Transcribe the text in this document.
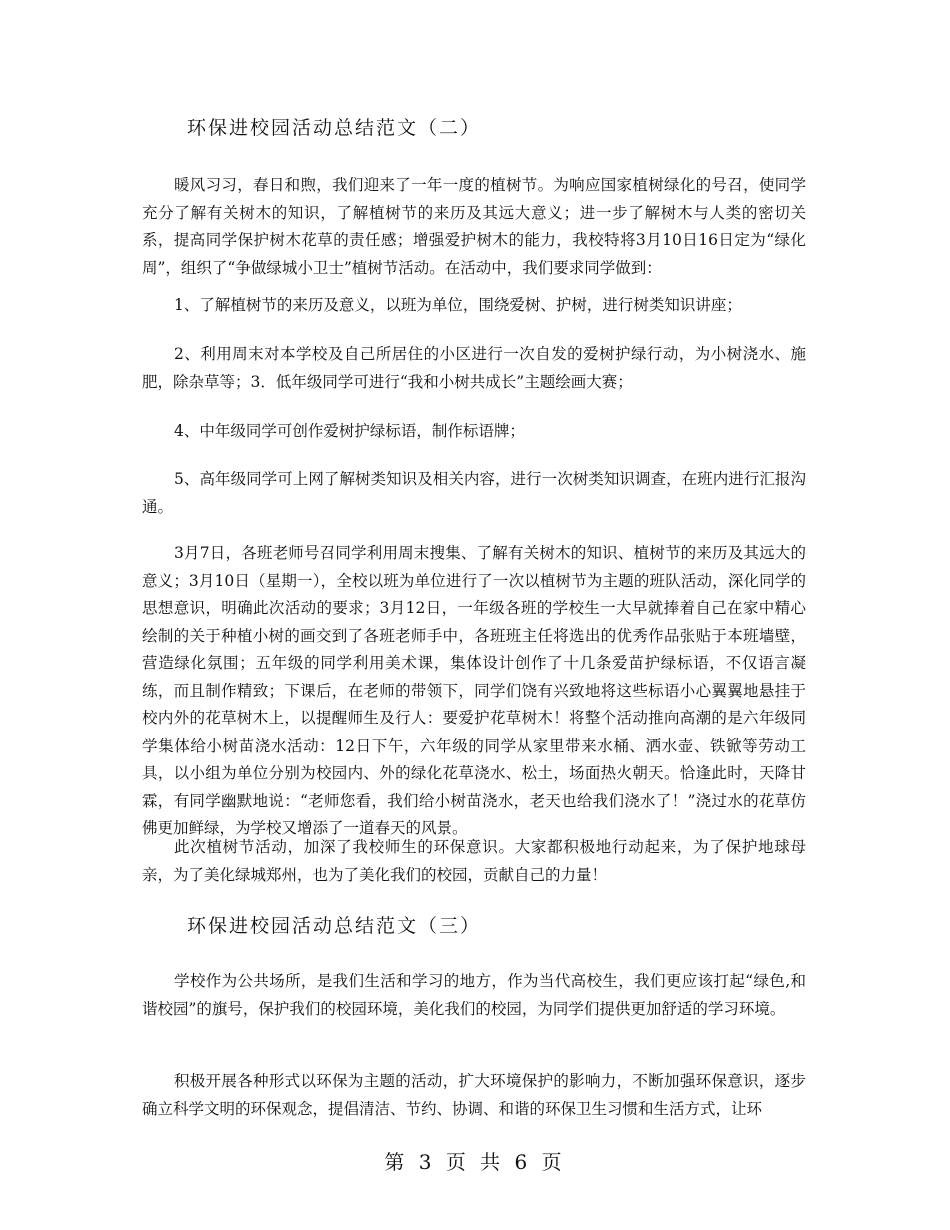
环保进校园活动总结范文（二）

暖风习习，春日和煦，我们迎来了一年一度的植树节。为响应国家植树绿化的号召，使同学充分了解有关树木的知识，了解植树节的来历及其远大意义；进一步了解树木与人类的密切关系，提高同学保护树木花草的责任感；增强爱护树木的能力，我校特将3月10日16日定为“绿化周”，组织了“争做绿城小卫士”植树节活动。在活动中，我们要求同学做到：

1、了解植树节的来历及意义，以班为单位，围绕爱树、护树，进行树类知识讲座；

2、利用周末对本学校及自己所居住的小区进行一次自发的爱树护绿行动，为小树浇水、施肥，除杂草等；3．低年级同学可进行“我和小树共成长”主题绘画大赛；

4、中年级同学可创作爱树护绿标语，制作标语牌；

5、高年级同学可上网了解树类知识及相关内容，进行一次树类知识调查，在班内进行汇报沟通。

3月7日，各班老师号召同学利用周末搜集、了解有关树木的知识、植树节的来历及其远大的意义；3月10日（星期一），全校以班为单位进行了一次以植树节为主题的班队活动，深化同学的思想意识，明确此次活动的要求；3月12日，一年级各班的学校生一大早就捧着自己在家中精心绘制的关于种植小树的画交到了各班老师手中，各班班主任将选出的优秀作品张贴于本班墙壁，营造绿化氛围；五年级的同学利用美术课，集体设计创作了十几条爱苗护绿标语，不仅语言凝练，而且制作精致；下课后，在老师的带领下，同学们饶有兴致地将这些标语小心翼翼地悬挂于校内外的花草树木上，以提醒师生及行人：要爱护花草树木！将整个活动推向高潮的是六年级同学集体给小树苗浇水活动：12日下午，六年级的同学从家里带来水桶、洒水壶、铁锨等劳动工具，以小组为单位分别为校园内、外的绿化花草浇水、松土，场面热火朝天。恰逢此时，天降甘霖，有同学幽默地说：“老师您看，我们给小树苗浇水，老天也给我们浇水了！”浇过水的花草仿佛更加鲜绿，为学校又增添了一道春天的风景。

此次植树节活动，加深了我校师生的环保意识。大家都积极地行动起来，为了保护地球母亲，为了美化绿城郑州，也为了美化我们的校园，贡献自己的力量！

环保进校园活动总结范文（三）

学校作为公共场所，是我们生活和学习的地方，作为当代高校生，我们更应该打起“绿色,和谐校园”的旗号，保护我们的校园环境，美化我们的校园，为同学们提供更加舒适的学习环境。

积极开展各种形式以环保为主题的活动，扩大环境保护的影响力，不断加强环保意识，逐步确立科学文明的环保观念，提倡清洁、节约、协调、和谐的环保卫生习惯和生活方式，让环

第 3 页 共 6 页
